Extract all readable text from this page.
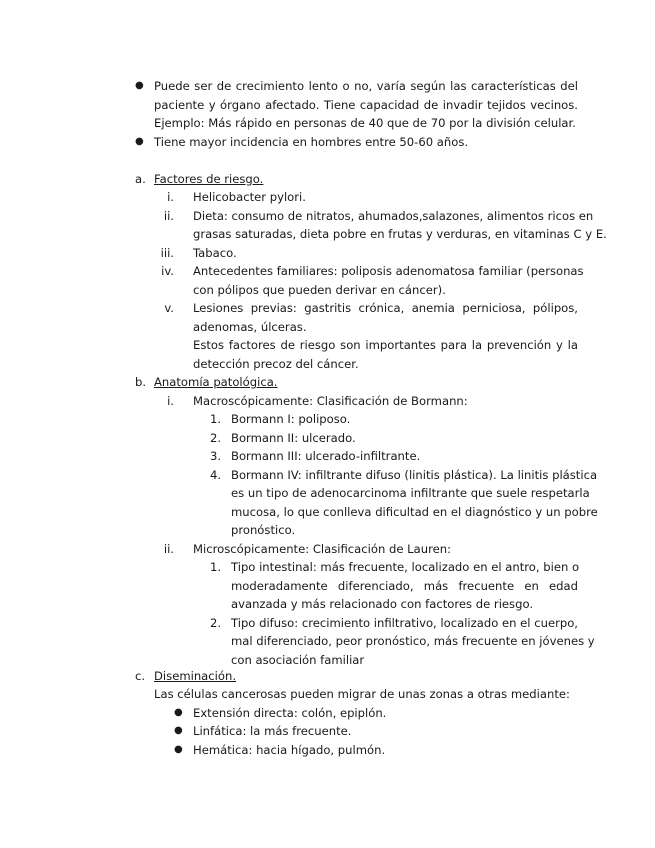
● Puede ser de crecimiento lento o no, varía según las características del
paciente y órgano afectado. Tiene capacidad de invadir tejidos vecinos.
Ejemplo: Más rápido en personas de 40 que de 70 por la división celular.
● Tiene mayor incidencia en hombres entre 50-60 años.
a. Factores de riesgo.
i. Helicobacter pylori.
ii. Dieta: consumo de nitratos, ahumados,salazones, alimentos ricos en
grasas saturadas, dieta pobre en frutas y verduras, en vitaminas C y E.
iii. Tabaco.
iv. Antecedentes familiares: poliposis adenomatosa familiar (personas
con pólipos que pueden derivar en cáncer).
v. Lesiones previas: gastritis crónica, anemia perniciosa, pólipos,
adenomas, úlceras.
Estos factores de riesgo son importantes para la prevención y la
detección precoz del cáncer.
b. Anatomía patológica.
i. Macroscópicamente: Clasificación de Bormann:
1. Bormann I: poliposo.
2. Bormann II: ulcerado.
3. Bormann III: ulcerado-infiltrante.
4. Bormann IV: infiltrante difuso (linitis plástica). La linitis plástica
es un tipo de adenocarcinoma infiltrante que suele respetarla
mucosa, lo que conlleva dificultad en el diagnóstico y un pobre
pronóstico.
ii. Microscópicamente: Clasificación de Lauren:
1. Tipo intestinal: más frecuente, localizado en el antro, bien o
moderadamente diferenciado, más frecuente en edad
avanzada y más relacionado con factores de riesgo.
2. Tipo difuso: crecimiento infiltrativo, localizado en el cuerpo,
mal diferenciado, peor pronóstico, más frecuente en jóvenes y
con asociación familiar
c. Diseminación.
Las células cancerosas pueden migrar de unas zonas a otras mediante:
● Extensión directa: colón, epiplón.
● Linfática: la más frecuente.
● Hemática: hacia hígado, pulmón.
